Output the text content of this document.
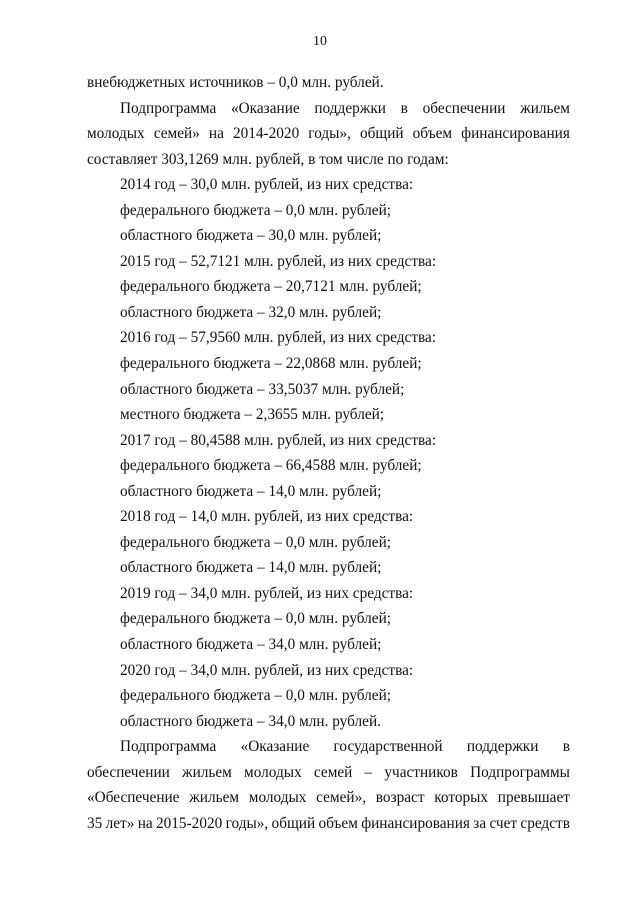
10
внебюджетных источников – 0,0 млн. рублей.
Подпрограмма «Оказание поддержки в обеспечении жильем
молодых семей» на 2014-2020 годы», общий объем финансирования
составляет 303,1269 млн. рублей, в том числе по годам:
2014 год – 30,0 млн. рублей, из них средства:
федерального бюджета – 0,0 млн. рублей;
областного бюджета – 30,0 млн. рублей;
2015 год – 52,7121 млн. рублей, из них средства:
федерального бюджета – 20,7121 млн. рублей;
областного бюджета – 32,0 млн. рублей;
2016 год – 57,9560 млн. рублей, из них средства:
федерального бюджета – 22,0868 млн. рублей;
областного бюджета – 33,5037 млн. рублей;
местного бюджета – 2,3655 млн. рублей;
2017 год – 80,4588 млн. рублей, из них средства:
федерального бюджета – 66,4588 млн. рублей;
областного бюджета – 14,0 млн. рублей;
2018 год – 14,0 млн. рублей, из них средства:
федерального бюджета – 0,0 млн. рублей;
областного бюджета – 14,0 млн. рублей;
2019 год – 34,0 млн. рублей, из них средства:
федерального бюджета – 0,0 млн. рублей;
областного бюджета – 34,0 млн. рублей;
2020 год – 34,0 млн. рублей, из них средства:
федерального бюджета – 0,0 млн. рублей;
областного бюджета – 34,0 млн. рублей.
Подпрограмма «Оказание государственной поддержки в
обеспечении жильем молодых семей – участников Подпрограммы
«Обеспечение жильем молодых семей», возраст которых превышает
35 лет» на 2015-2020 годы», общий объем финансирования за счет средств
